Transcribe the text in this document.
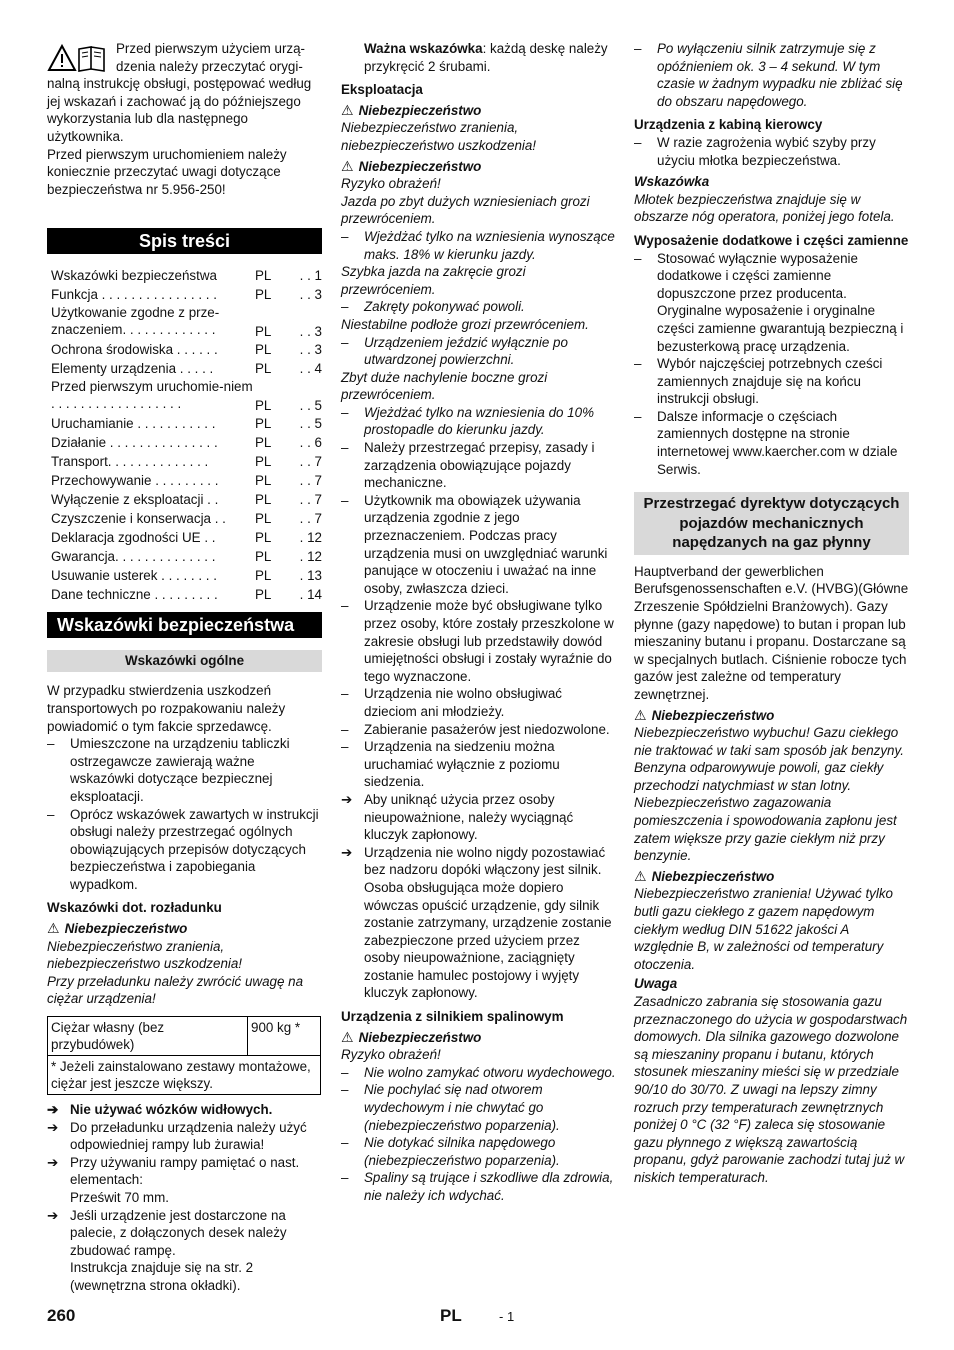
Przed pierwszym użyciem urzą-

dzenia należy przeczytać orygi-

nalną instrukcję obsługi, postępować według jej wskazań i zachować ją do późniejszego wykorzystania lub dla następnego użytkownika.

Przed pierwszym uruchomieniem należy koniecznie przeczytać uwagi dotyczące bezpieczeństwa nr 5.956-250!

Spis treści
Wskazówki bezpieczeństwa	PL	. . 1
Funkcja . . . . . . . . . . . . . . . .	PL	. . 3
Użytkowanie zgodne z prze-znaczeniem. . . . . . . . . . . . .	PL	. . 3
Ochrona środowiska . . . . . .	PL	. . 3
Elementy urządzenia . . . . .	PL	. . 4
Przed pierwszym uruchomie-niem . . . . . . . . . . . . . . . . . .	PL	. . 5
Uruchamianie . . . . . . . . . . .	PL	. . 5
Działanie . . . . . . . . . . . . . . .	PL	. . 6
Transport. . . . . . . . . . . . . .	PL	. . 7
Przechowywanie . . . . . . . . .	PL	. . 7
Wyłączenie z eksploatacji . .	PL	. . 7
Czyszczenie i konserwacja . .	PL	. . 7
Deklaracja zgodności UE . .	PL	. 12
Gwarancja. . . . . . . . . . . . . .	PL	. 12
Usuwanie usterek . . . . . . . .	PL	. 13
Dane techniczne . . . . . . . . .	PL	. 14
Wskazówki bezpieczeństwa
Wskazówki ogólne

W przypadku stwierdzenia uszkodzeń transportowych po rozpakowaniu należy powiadomić o tym fakcie sprzedawcę.

– Umieszczone na urządzeniu tabliczki ostrzegawcze zawierają ważne wskazówki dotyczące bezpiecznej eksploatacji.
– Oprócz wskazówek zawartych w instrukcji obsługi należy przestrzegać ogólnych obowiązujących przepisów dotyczących bezpieczeństwa i zapobiegania wypadkom.

Wskazówki dot. rozładunku

⚠ Niebezpieczeństwo

Niebezpieczeństwo zranienia, niebezpieczeństwo uszkodzenia!

Przy przeładunku należy zwrócić uwagę na ciężar urządzenia!

Ciężar własny (bez przybudówek)	900 kg *
* Jeżeli zainstalowano zestawy montażowe, ciężar jest jeszcze większy.
➔ Nie używać wózków widłowych.
➔ Do przeładunku urządzenia należy użyć odpowiedniej rampy lub żurawia!
➔ Przy używaniu rampy pamiętać o nast. elementach:

Prześwit 70 mm.

➔ Jeśli urządzenie jest dostarczone na palecie, z dołączonych desek należy zbudować rampę.

Instrukcja znajduje się na str. 2 (wewnętrzna strona okładki).

Ważna wskazówka: każdą deskę należy przykręcić 2 śrubami.

Eksploatacja

⚠ Niebezpieczeństwo

Niebezpieczeństwo zranienia, niebezpieczeństwo uszkodzenia!

⚠ Niebezpieczeństwo

Ryzyko obrażeń!

Jazda po zbyt dużych wzniesieniach grozi przewróceniem.

– Wjeżdżać tylko na wzniesienia wynoszące maks. 18% w kierunku jazdy.

Szybka jazda na zakręcie grozi przewróceniem.

– Zakręty pokonywać powoli.

Niestabilne podłoże grozi przewróceniem.

– Urządzeniem jeździć wyłącznie po utwardzonej powierzchni.

Zbyt duże nachylenie boczne grozi przewróceniem.

– Wjeżdżać tylko na wzniesienia do 10% prostopadle do kierunku jazdy.
– Należy przestrzegać przepisy, zasady i zarządzenia obowiązujące pojazdy mechaniczne.
– Użytkownik ma obowiązek używania urządzenia zgodnie z jego przeznaczeniem. Podczas pracy urządzenia musi on uwzględniać warunki panujące w otoczeniu i uważać na inne osoby, zwłaszcza dzieci.
– Urządzenie może być obsługiwane tylko przez osoby, które zostały przeszkolone w zakresie obsługi lub przedstawiły dowód umiejętności obsługi i zostały wyraźnie do tego wyznaczone.
– Urządzenia nie wolno obsługiwać dzieciom ani młodzieży.
– Zabieranie pasażerów jest niedozwolone.
– Urządzenia na siedzeniu można uruchamiać wyłącznie z poziomu siedzenia.
➔ Aby uniknąć użycia przez osoby nieupoważnione, należy wyciągnąć kluczyk zapłonowy.
➔ Urządzenia nie wolno nigdy pozostawiać bez nadzoru dopóki włączony jest silnik. Osoba obsługująca może dopiero wówczas opuścić urządzenie, gdy silnik zostanie zatrzymany, urządzenie zostanie zabezpieczone przed użyciem przez osoby nieupoważnione, zaciągnięty zostanie hamulec postojowy i wyjęty kluczyk zapłonowy.

Urządzenia z silnikiem spalinowym

⚠ Niebezpieczeństwo

Ryzyko obrażeń!

– Nie wolno zamykać otworu wydechowego.
– Nie pochylać się nad otworem wydechowym i nie chwytać go (niebezpieczeństwo poparzenia).
– Nie dotykać silnika napędowego (niebezpieczeństwo poparzenia).
– Spaliny są trujące i szkodliwe dla zdrowia, nie należy ich wdychać.
– Po wyłączeniu silnik zatrzymuje się z opóźnieniem ok. 3 – 4 sekund. W tym czasie w żadnym wypadku nie zbliżać się do obszaru napędowego.

Urządzenia z kabiną kierowcy

– W razie zagrożenia wybić szyby przy użyciu młotka bezpieczeństwa.

Wskazówka

Młotek bezpieczeństwa znajduje się w obszarze nóg operatora, poniżej jego fotela.

Wyposażenie dodatkowe i części zamienne

– Stosować wyłącznie wyposażenie dodatkowe i części zamienne dopuszczone przez producenta. Oryginalne wyposażenie i oryginalne części zamienne gwarantują bezpieczną i bezusterkową pracę urządzenia.
– Wybór najczęściej potrzebnych cześci zamiennych znajduje się na końcu instrukcji obsługi.
– Dalsze informacje o częściach zamiennych dostępne na stronie internetowej www.kaercher.com w dziale Serwis.
Przestrzegać dyrektyw dotyczących pojazdów mechanicznych napędzanych na gaz płynny

Hauptverband der gewerblichen Berufsgenossenschaften e.V. (HVBG)(Główne Zrzeszenie Spółdzielni Branżowych). Gazy płynne (gazy napędowe) to butan i propan lub mieszaniny butanu i propanu. Dostarczane są w specjalnych butlach. Ciśnienie robocze tych gazów jest zależne od temperatury zewnętrznej.

⚠ Niebezpieczeństwo

Niebezpieczeństwo wybuchu! Gazu ciekłego nie traktować w taki sam sposób jak benzyny. Benzyna odparowywuje powoli, gaz ciekły przechodzi natychmiast w stan lotny. Niebezpieczeństwo zagazowania pomieszczenia i spowodowania zapłonu jest zatem większe przy gazie ciekłym niż przy benzynie.

⚠ Niebezpieczeństwo

Niebezpieczeństwo zranienia! Używać tylko butli gazu ciekłego z gazem napędowym ciekłym według DIN 51622 jakości A względnie B, w zależności od temperatury otoczenia.

Uwaga

Zasadniczo zabrania się stosowania gazu przeznaczonego do użycia w gospodarstwach domowych. Dla silnika gazowego dozwolone są mieszaniny propanu i butanu, których stosunek mieszaniny mieści się w przedziale 90/10 do 30/70. Z uwagi na lepszy zimny rozruch przy temperaturach zewnętrznych poniżej 0 °C (32 °F) zaleca się stosowanie gazu płynnego z większą zawartością propanu, gdyż parowanie zachodzi tutaj już w niskich temperaturach.

260	PL	- 1
